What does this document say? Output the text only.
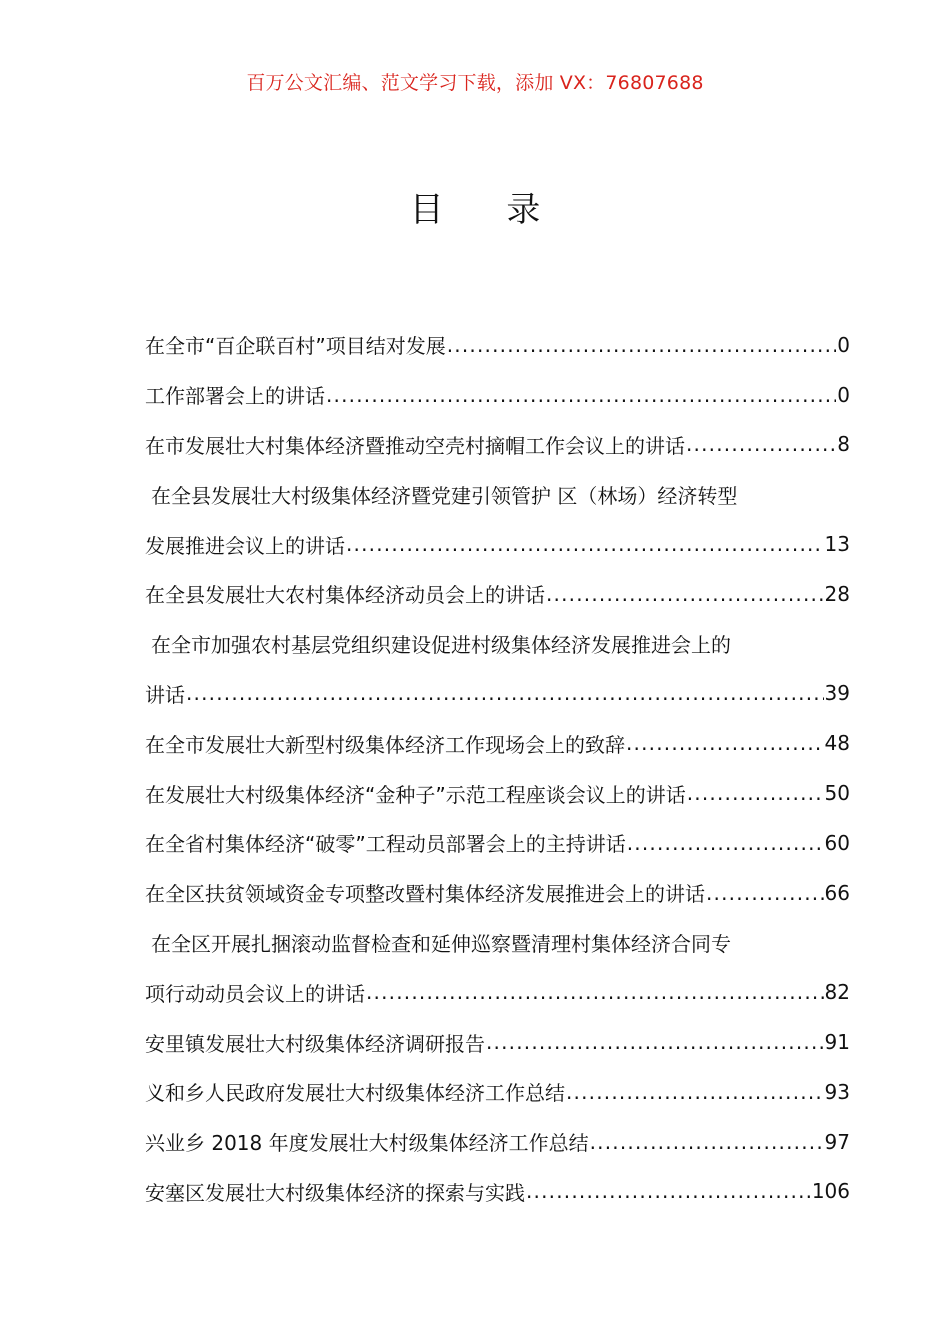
百万公文汇编、范文学习下载，添加 VX：76807688
目 录
在全市“百企联百村”项目结对发展 .....	0
工作部署会上的讲话 .....	0
在市发展壮大村集体经济暨推动空壳村摘帽工作会议上的讲话 .....	8
在全县发展壮大村级集体经济暨党建引领管护 区（林场）经济转型
发展推进会议上的讲话 .....	13
在全县发展壮大农村集体经济动员会上的讲话 .....	28
在全市加强农村基层党组织建设促进村级集体经济发展推进会上的
讲话 .....	39
在全市发展壮大新型村级集体经济工作现场会上的致辞 .....	48
在发展壮大村级集体经济“金种子”示范工程座谈会议上的讲话 .....	50
在全省村集体经济“破零”工程动员部署会上的主持讲话 .....	60
在全区扶贫领域资金专项整改暨村集体经济发展推进会上的讲话 .....	66
在全区开展扎捆滚动监督检查和延伸巡察暨清理村集体经济合同专
项行动动员会议上的讲话 .....	82
安里镇发展壮大村级集体经济调研报告 .....	91
义和乡人民政府发展壮大村级集体经济工作总结 .....	93
兴业乡 2018 年度发展壮大村级集体经济工作总结 .....	97
安塞区发展壮大村级集体经济的探索与实践 .....	106
